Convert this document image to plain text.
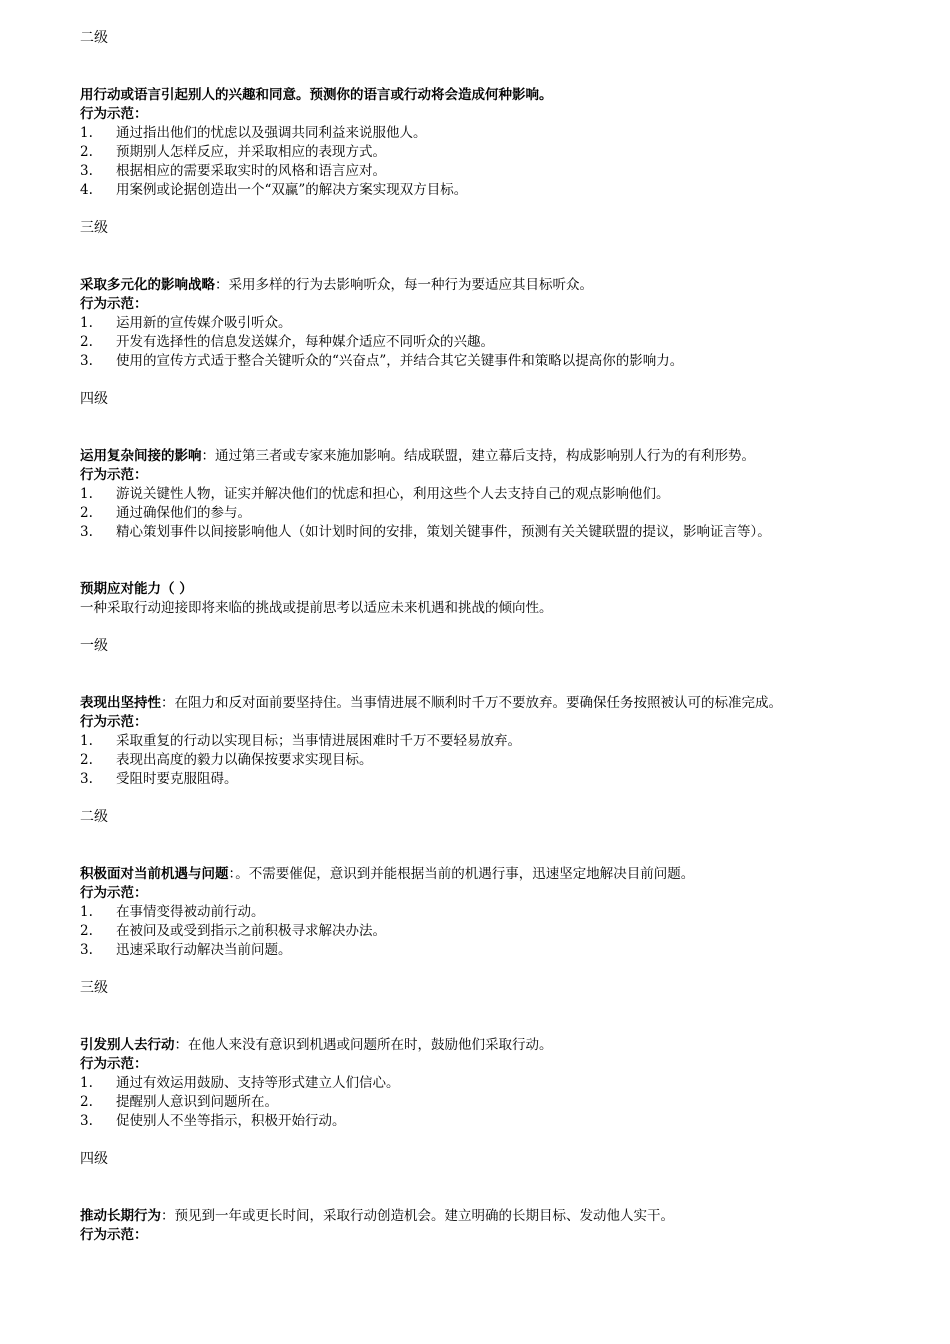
二级

用行动或语言引起别人的兴趣和同意。预测你的语言或行动将会造成何种影响。

行为示范：

1.	通过指出他们的忧虑以及强调共同利益来说服他人。
2.	预期别人怎样反应，并采取相应的表现方式。
3.	根据相应的需要采取实时的风格和语言应对。
4.	用案例或论据创造出一个“双赢”的解决方案实现双方目标。

三级

采取多元化的影响战略：采用多样的行为去影响听众，每一种行为要适应其目标听众。

行为示范：

1.	运用新的宣传媒介吸引听众。
2.	开发有选择性的信息发送媒介，每种媒介适应不同听众的兴趣。
3.	使用的宣传方式适于整合关键听众的“兴奋点”，并结合其它关键事件和策略以提高你的影响力。

四级

运用复杂间接的影响：通过第三者或专家来施加影响。结成联盟，建立幕后支持，构成影响别人行为的有利形势。

行为示范：

1.	游说关键性人物，证实并解决他们的忧虑和担心，利用这些个人去支持自己的观点影响他们。
2.	通过确保他们的参与。
3.	精心策划事件以间接影响他人（如计划时间的安排，策划关键事件，预测有关关键联盟的提议，影响证言等）。

预期应对能力（ ）

一种采取行动迎接即将来临的挑战或提前思考以适应未来机遇和挑战的倾向性。

一级

表现出坚持性：在阻力和反对面前要坚持住。当事情进展不顺利时千万不要放弃。要确保任务按照被认可的标准完成。

行为示范：

1.	采取重复的行动以实现目标；当事情进展困难时千万不要轻易放弃。
2.	表现出高度的毅力以确保按要求实现目标。
3.	受阻时要克服阻碍。

二级

积极面对当前机遇与问题：。不需要催促，意识到并能根据当前的机遇行事，迅速坚定地解决目前问题。

行为示范：

1.	在事情变得被动前行动。
2.	在被问及或受到指示之前积极寻求解决办法。
3.	迅速采取行动解决当前问题。

三级

引发别人去行动：在他人来没有意识到机遇或问题所在时，鼓励他们采取行动。

行为示范：

1.	通过有效运用鼓励、支持等形式建立人们信心。
2.	提醒别人意识到问题所在。
3.	促使别人不坐等指示，积极开始行动。

四级

推动长期行为：预见到一年或更长时间，采取行动创造机会。建立明确的长期目标、发动他人实干。

行为示范：
